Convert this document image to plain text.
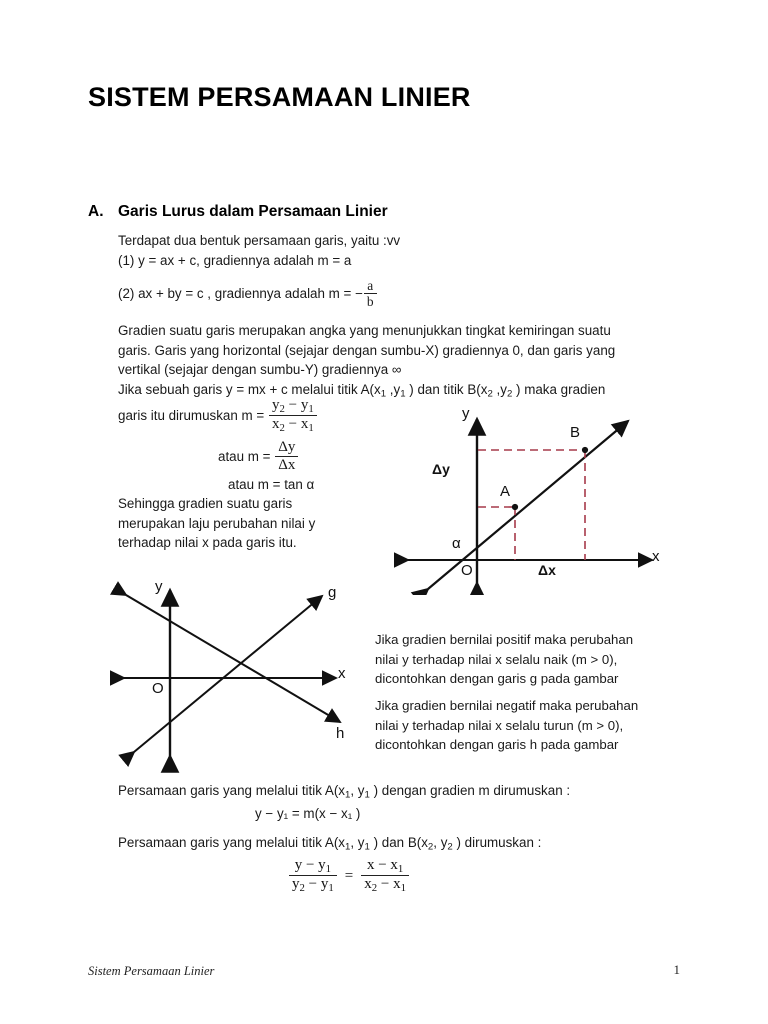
SISTEM PERSAMAAN LINIER
A. Garis Lurus dalam Persamaan Linier
Terdapat dua bentuk persamaan garis, yaitu :vv
(1) y = ax + c, gradiennya adalah m = a
(2) ax + by = c , gradiennya adalah m = − $\frac{a}{b}$
Gradien suatu garis merupakan angka yang menunjukkan tingkat kemiringan suatu
garis. Garis yang horizontal (sejajar dengan sumbu-X) gradiennya 0, dan garis yang
vertikal (sejajar dengan sumbu-Y) gradiennya ∞
Jika sebuah garis y = mx + c melalui titik $A(x_1$ $,y_1$ ) dan titik $B(x_2$ $,y_2$ ) maka gradien
garis itu dirumuskan $m = \frac{y_2 - y_1}{x_2 - x_1}$
atau $m = \frac{\Delta y}{\Delta x}$
atau m = tan α
Sehingga gradien suatu garis
merupakan laju perubahan nilai y
terhadap nilai x pada garis itu.
y
x
O
A
B
Δy
Δx
α
y
x
O
g
h
Jika gradien bernilai positif maka perubahan
nilai y terhadap nilai x selalu naik (m > 0),
dicontohkan dengan garis g pada gambar
Jika gradien bernilai negatif maka perubahan
nilai y terhadap nilai x selalu turun (m > 0),
dicontohkan dengan garis h pada gambar
Persamaan garis yang melalui titik $A(x_1$, $y_1$ ) dengan gradien m dirumuskan :
y − y₁ = m(x − x₁ )
Persamaan garis yang melalui titik $A(x_1$, $y_1$ ) dan $B(x_2$, $y_2$ ) dirumuskan :
$\frac{y - y_1}{y_2 - y_1} = \frac{x - x_1}{x_2 - x_1}$
Sistem Persamaan Linier	1
